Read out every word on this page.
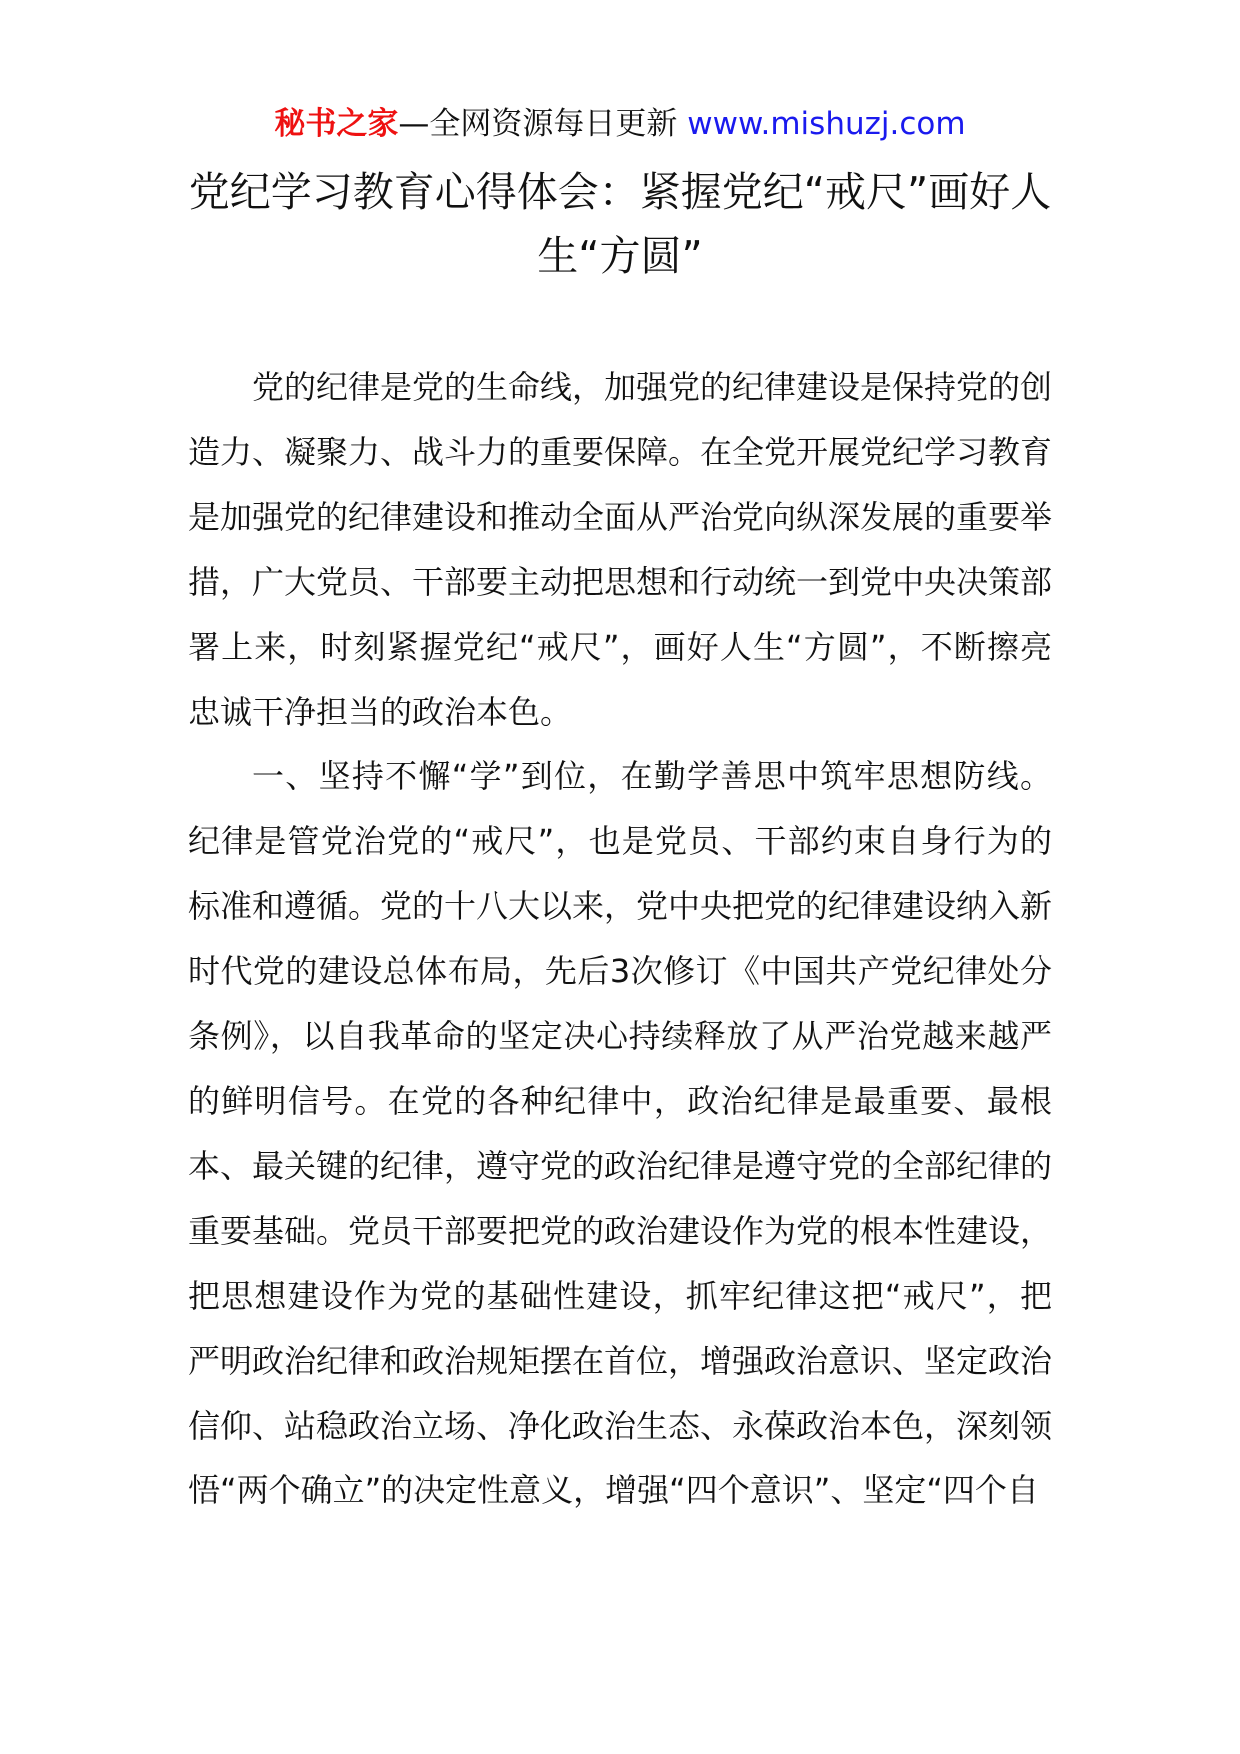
秘书之家—全网资源每日更新 www.mishuzj.com
党纪学习教育心得体会：紧握党纪“戒尺”画好人生“方圆”

党的纪律是党的生命线，加强党的纪律建设是保持党的创造力、凝聚力、战斗力的重要保障。在全党开展党纪学习教育是加强党的纪律建设和推动全面从严治党向纵深发展的重要举措，广大党员、干部要主动把思想和行动统一到党中央决策部署上来，时刻紧握党纪“戒尺”，画好人生“方圆”，不断擦亮忠诚干净担当的政治本色。

一、坚持不懈“学”到位，在勤学善思中筑牢思想防线。纪律是管党治党的“戒尺”，也是党员、干部约束自身行为的标准和遵循。党的十八大以来，党中央把党的纪律建设纳入新时代党的建设总体布局，先后3次修订《中国共产党纪律处分条例》，以自我革命的坚定决心持续释放了从严治党越来越严的鲜明信号。在党的各种纪律中，政治纪律是最重要、最根本、最关键的纪律，遵守党的政治纪律是遵守党的全部纪律的重要基础。党员干部要把党的政治建设作为党的根本性建设，把思想建设作为党的基础性建设，抓牢纪律这把“戒尺”，把严明政治纪律和政治规矩摆在首位，增强政治意识、坚定政治信仰、站稳政治立场、净化政治生态、永葆政治本色，深刻领悟“两个确立”的决定性意义，增强“四个意识”、坚定“四个自
